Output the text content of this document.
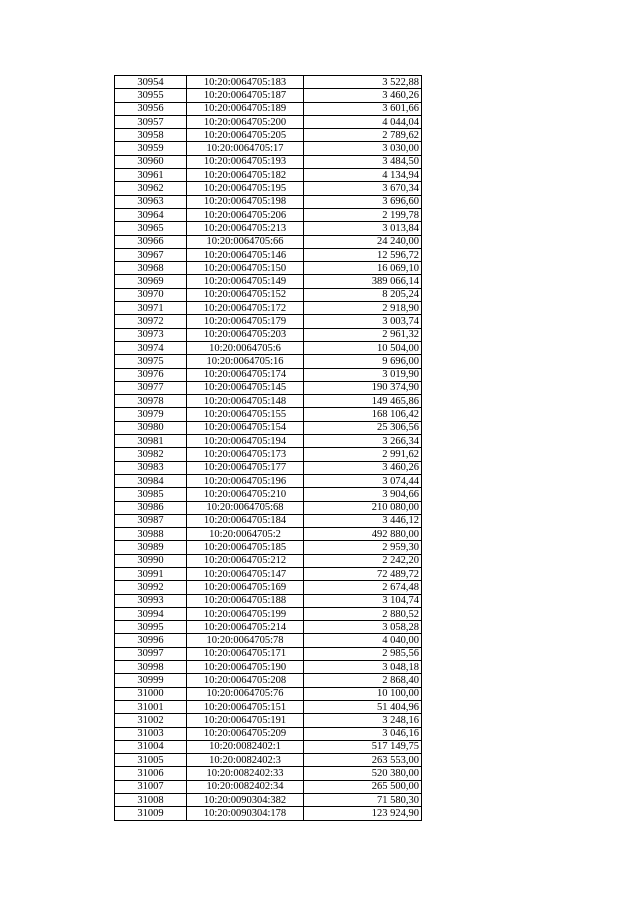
30954	10:20:0064705:183	3 522,88
30955	10:20:0064705:187	3 460,26
30956	10:20:0064705:189	3 601,66
30957	10:20:0064705:200	4 044,04
30958	10:20:0064705:205	2 789,62
30959	10:20:0064705:17	3 030,00
30960	10:20:0064705:193	3 484,50
30961	10:20:0064705:182	4 134,94
30962	10:20:0064705:195	3 670,34
30963	10:20:0064705:198	3 696,60
30964	10:20:0064705:206	2 199,78
30965	10:20:0064705:213	3 013,84
30966	10:20:0064705:66	24 240,00
30967	10:20:0064705:146	12 596,72
30968	10:20:0064705:150	16 069,10
30969	10:20:0064705:149	389 066,14
30970	10:20:0064705:152	8 205,24
30971	10:20:0064705:172	2 918,90
30972	10:20:0064705:179	3 003,74
30973	10:20:0064705:203	2 961,32
30974	10:20:0064705:6	10 504,00
30975	10:20:0064705:16	9 696,00
30976	10:20:0064705:174	3 019,90
30977	10:20:0064705:145	190 374,90
30978	10:20:0064705:148	149 465,86
30979	10:20:0064705:155	168 106,42
30980	10:20:0064705:154	25 306,56
30981	10:20:0064705:194	3 266,34
30982	10:20:0064705:173	2 991,62
30983	10:20:0064705:177	3 460,26
30984	10:20:0064705:196	3 074,44
30985	10:20:0064705:210	3 904,66
30986	10:20:0064705:68	210 080,00
30987	10:20:0064705:184	3 446,12
30988	10:20:0064705:2	492 880,00
30989	10:20:0064705:185	2 959,30
30990	10:20:0064705:212	2 242,20
30991	10:20:0064705:147	72 489,72
30992	10:20:0064705:169	2 674,48
30993	10:20:0064705:188	3 104,74
30994	10:20:0064705:199	2 880,52
30995	10:20:0064705:214	3 058,28
30996	10:20:0064705:78	4 040,00
30997	10:20:0064705:171	2 985,56
30998	10:20:0064705:190	3 048,18
30999	10:20:0064705:208	2 868,40
31000	10:20:0064705:76	10 100,00
31001	10:20:0064705:151	51 404,96
31002	10:20:0064705:191	3 248,16
31003	10:20:0064705:209	3 046,16
31004	10:20:0082402:1	517 149,75
31005	10:20:0082402:3	263 553,00
31006	10:20:0082402:33	520 380,00
31007	10:20:0082402:34	265 500,00
31008	10:20:0090304:382	71 580,30
31009	10:20:0090304:178	123 924,90
